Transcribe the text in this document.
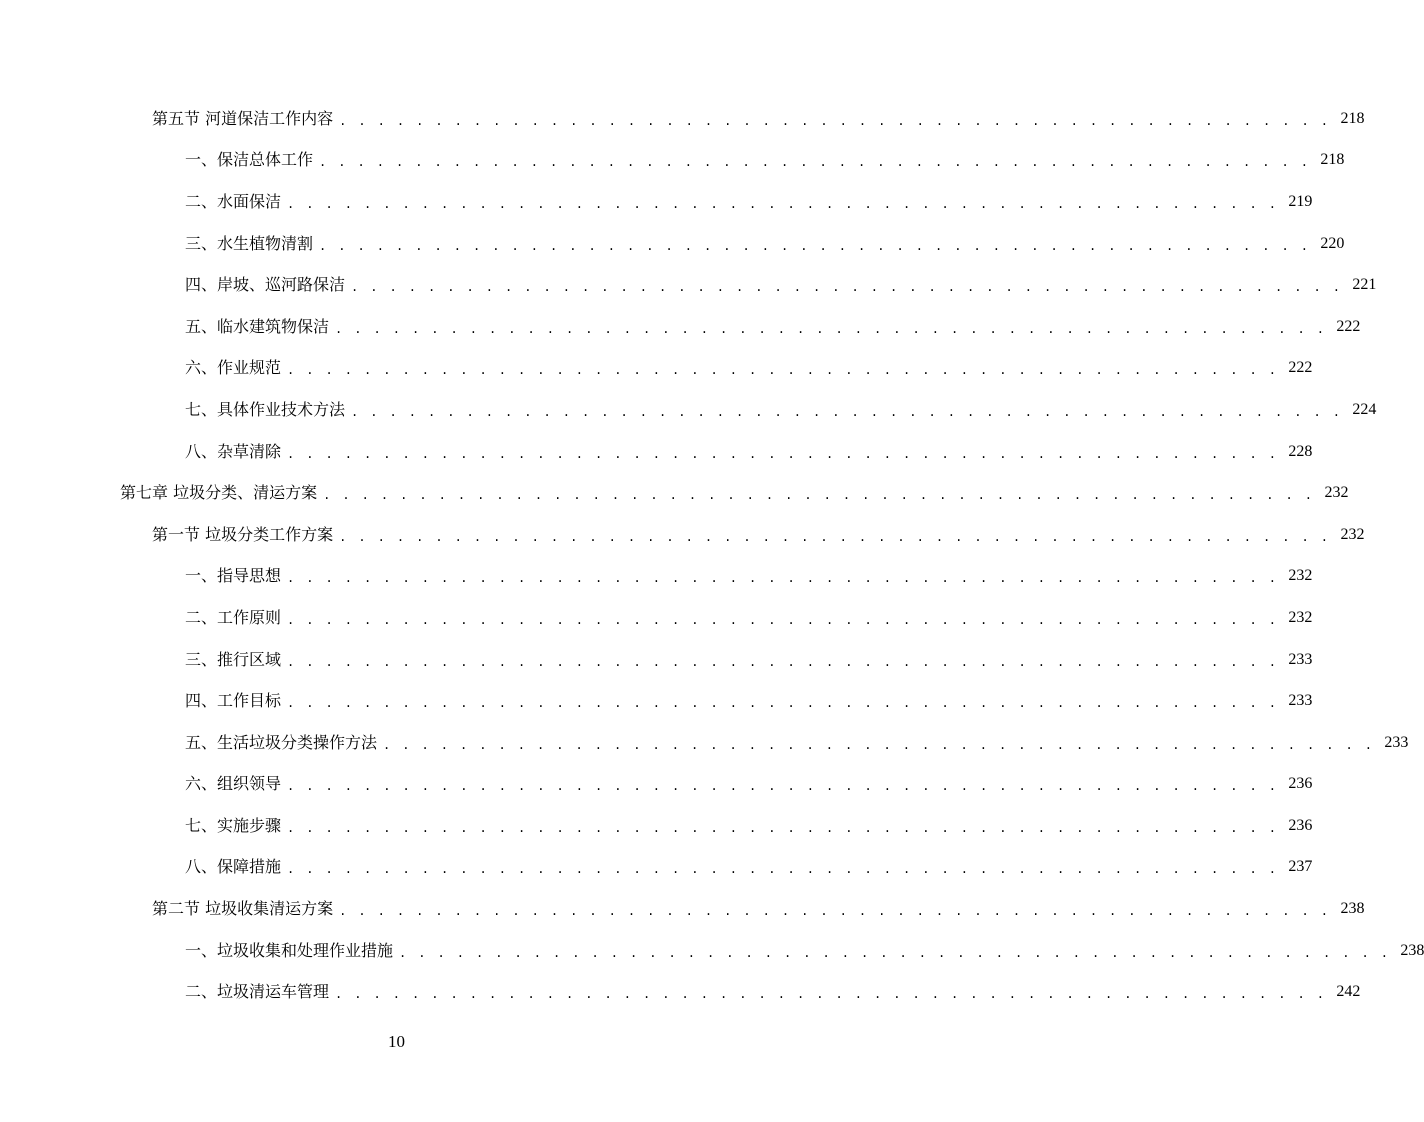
第五节 河道保洁工作内容 . . . . . . . . . . . . . . . . . . . . . . . . . . . . . . . . . . . . . . . . . . . . . . . . . . . . 218
一、保洁总体工作 . . . . . . . . . . . . . . . . . . . . . . . . . . . . . . . . . . . . . . . . . . . . . . . . . . . . 218
二、水面保洁 . . . . . . . . . . . . . . . . . . . . . . . . . . . . . . . . . . . . . . . . . . . . . . . . . . . . 219
三、水生植物清割 . . . . . . . . . . . . . . . . . . . . . . . . . . . . . . . . . . . . . . . . . . . . . . . . . . . . 220
四、岸坡、巡河路保洁 . . . . . . . . . . . . . . . . . . . . . . . . . . . . . . . . . . . . . . . . . . . . . . . . . . . . 221
五、临水建筑物保洁 . . . . . . . . . . . . . . . . . . . . . . . . . . . . . . . . . . . . . . . . . . . . . . . . . . . . 222
六、作业规范 . . . . . . . . . . . . . . . . . . . . . . . . . . . . . . . . . . . . . . . . . . . . . . . . . . . . 222
七、具体作业技术方法 . . . . . . . . . . . . . . . . . . . . . . . . . . . . . . . . . . . . . . . . . . . . . . . . . . . . 224
八、杂草清除 . . . . . . . . . . . . . . . . . . . . . . . . . . . . . . . . . . . . . . . . . . . . . . . . . . . . 228
第七章 垃圾分类、清运方案 . . . . . . . . . . . . . . . . . . . . . . . . . . . . . . . . . . . . . . . . . . . . . . . . . . . . 232
第一节 垃圾分类工作方案 . . . . . . . . . . . . . . . . . . . . . . . . . . . . . . . . . . . . . . . . . . . . . . . . . . . . 232
一、指导思想 . . . . . . . . . . . . . . . . . . . . . . . . . . . . . . . . . . . . . . . . . . . . . . . . . . . . 232
二、工作原则 . . . . . . . . . . . . . . . . . . . . . . . . . . . . . . . . . . . . . . . . . . . . . . . . . . . . 232
三、推行区域 . . . . . . . . . . . . . . . . . . . . . . . . . . . . . . . . . . . . . . . . . . . . . . . . . . . . 233
四、工作目标 . . . . . . . . . . . . . . . . . . . . . . . . . . . . . . . . . . . . . . . . . . . . . . . . . . . . 233
五、生活垃圾分类操作方法 . . . . . . . . . . . . . . . . . . . . . . . . . . . . . . . . . . . . . . . . . . . . . . . . . . . . 233
六、组织领导 . . . . . . . . . . . . . . . . . . . . . . . . . . . . . . . . . . . . . . . . . . . . . . . . . . . . 236
七、实施步骤 . . . . . . . . . . . . . . . . . . . . . . . . . . . . . . . . . . . . . . . . . . . . . . . . . . . . 236
八、保障措施 . . . . . . . . . . . . . . . . . . . . . . . . . . . . . . . . . . . . . . . . . . . . . . . . . . . . 237
第二节 垃圾收集清运方案 . . . . . . . . . . . . . . . . . . . . . . . . . . . . . . . . . . . . . . . . . . . . . . . . . . . . 238
一、垃圾收集和处理作业措施 . . . . . . . . . . . . . . . . . . . . . . . . . . . . . . . . . . . . . . . . . . . . . . . . . . . . 238
二、垃圾清运车管理 . . . . . . . . . . . . . . . . . . . . . . . . . . . . . . . . . . . . . . . . . . . . . . . . . . . . 242
10
